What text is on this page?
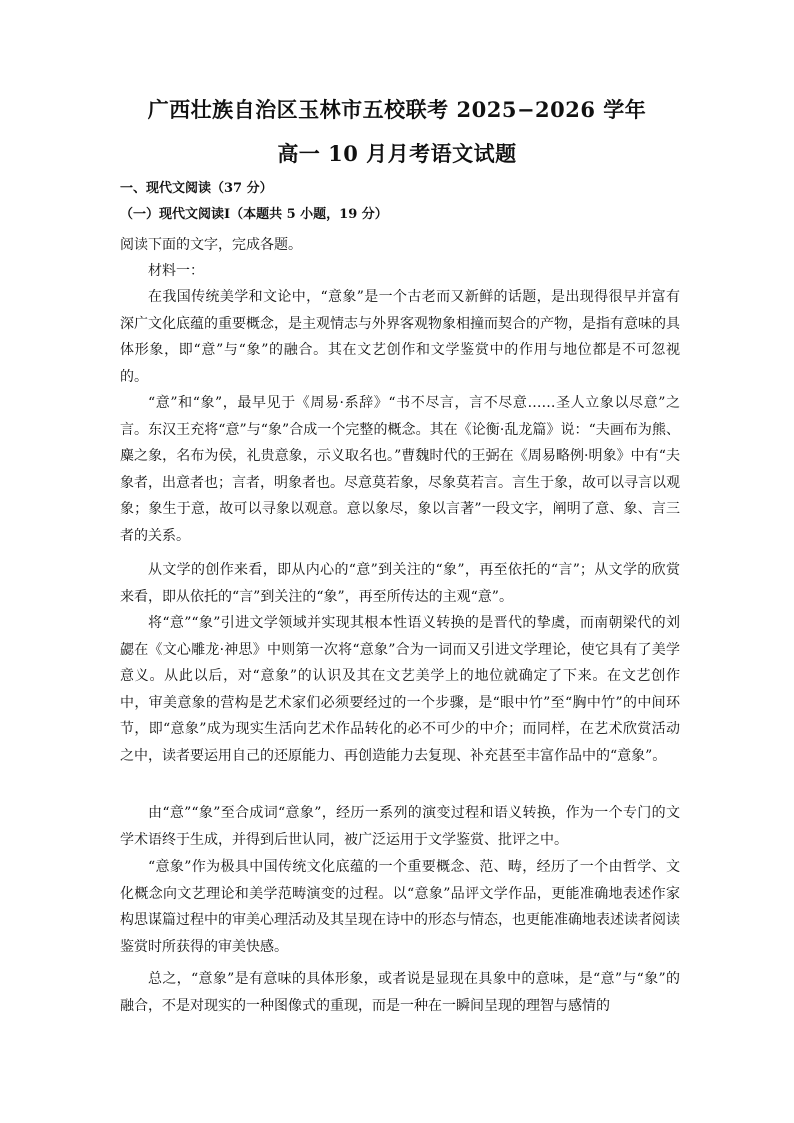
广西壮族自治区玉林市五校联考 2025−2026 学年
高一 10 月月考语文试题
一、现代文阅读（37 分）
（一）现代文阅读Ⅰ（本题共 5 小题，19 分）
阅读下面的文字，完成各题。
材料一：

在我国传统美学和文论中，“意象”是一个古老而又新鲜的话题，是出现得很早并富有深广文化底蕴的重要概念，是主观情志与外界客观物象相撞而契合的产物，是指有意味的具体形象，即“意”与“象”的融合。其在文艺创作和文学鉴赏中的作用与地位都是不可忽视的。

“意”和“象”，最早见于《周易·系辞》“书不尽言，言不尽意……圣人立象以尽意”之言。东汉王充将“意”与“象”合成一个完整的概念。其在《论衡·乱龙篇》说：“夫画布为熊、麋之象，名布为侯，礼贵意象，示义取名也。”曹魏时代的王弼在《周易略例·明象》中有“夫象者，出意者也；言者，明象者也。尽意莫若象，尽象莫若言。言生于象，故可以寻言以观象；象生于意，故可以寻象以观意。意以象尽，象以言著”一段文字，阐明了意、象、言三者的关系。

从文学的创作来看，即从内心的“意”到关注的“象”，再至依托的“言”；从文学的欣赏来看，即从依托的“言”到关注的“象”，再至所传达的主观“意”。

将“意”“象”引进文学领域并实现其根本性语义转换的是晋代的挚虞，而南朝梁代的刘勰在《文心雕龙·神思》中则第一次将“意象”合为一词而又引进文学理论，使它具有了美学意义。从此以后，对“意象”的认识及其在文艺美学上的地位就确定了下来。在文艺创作中，审美意象的营构是艺术家们必须要经过的一个步骤，是“眼中竹”至“胸中竹”的中间环节，即“意象”成为现实生活向艺术作品转化的必不可少的中介；而同样，在艺术欣赏活动之中，读者要运用自己的还原能力、再创造能力去复现、补充甚至丰富作品中的“意象”。

由“意”“象”至合成词“意象”，经历一系列的演变过程和语义转换，作为一个专门的文学术语终于生成，并得到后世认同，被广泛运用于文学鉴赏、批评之中。

“意象”作为极具中国传统文化底蕴的一个重要概念、范、畴，经历了一个由哲学、文化概念向文艺理论和美学范畴演变的过程。以“意象”品评文学作品，更能准确地表述作家构思谋篇过程中的审美心理活动及其呈现在诗中的形态与情态，也更能准确地表述读者阅读鉴赏时所获得的审美快感。

总之，“意象”是有意味的具体形象，或者说是显现在具象中的意味，是“意”与“象”的融合，不是对现实的一种图像式的重现，而是一种在一瞬间呈现的理智与感情的
